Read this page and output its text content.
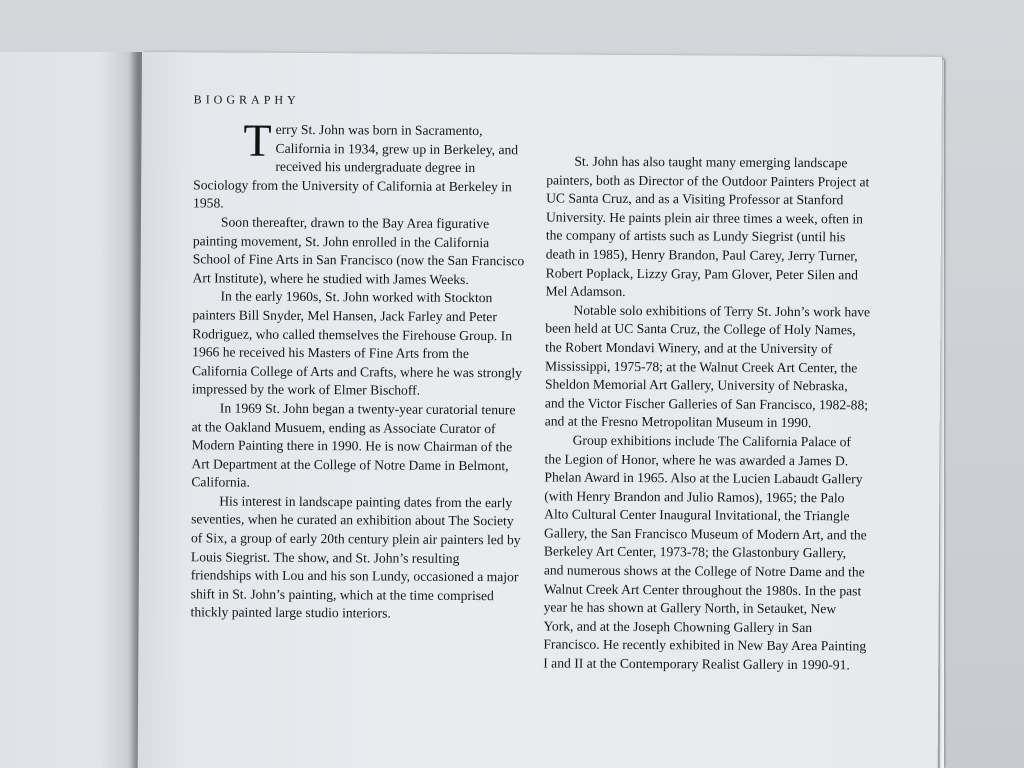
BIOGRAPHY

Terry St. John was born in Sacramento, California in 1934, grew up in Berkeley, and received his undergraduate degree in Sociology from the University of California at Berkeley in 1958.

Soon thereafter, drawn to the Bay Area figurative painting movement, St. John enrolled in the California School of Fine Arts in San Francisco (now the San Francisco Art Institute), where he studied with James Weeks.

In the early 1960s, St. John worked with Stockton painters Bill Snyder, Mel Hansen, Jack Farley and Peter Rodriguez, who called themselves the Firehouse Group. In 1966 he received his Masters of Fine Arts from the California College of Arts and Crafts, where he was strongly impressed by the work of Elmer Bischoff.

In 1969 St. John began a twenty-year curatorial tenure at the Oakland Musuem, ending as Associate Curator of Modern Painting there in 1990. He is now Chairman of the Art Department at the College of Notre Dame in Belmont, California.

His interest in landscape painting dates from the early seventies, when he curated an exhibition about The Society of Six, a group of early 20th century plein air painters led by Louis Siegrist. The show, and St. John’s resulting friendships with Lou and his son Lundy, occasioned a major shift in St. John’s painting, which at the time comprised thickly painted large studio interiors.

St. John has also taught many emerging landscape painters, both as Director of the Outdoor Painters Project at UC Santa Cruz, and as a Visiting Professor at Stanford University. He paints plein air three times a week, often in the company of artists such as Lundy Siegrist (until his death in 1985), Henry Brandon, Paul Carey, Jerry Turner, Robert Poplack, Lizzy Gray, Pam Glover, Peter Silen and Mel Adamson.

Notable solo exhibitions of Terry St. John’s work have been held at UC Santa Cruz, the College of Holy Names, the Robert Mondavi Winery, and at the University of Mississippi, 1975-78; at the Walnut Creek Art Center, the Sheldon Memorial Art Gallery, University of Nebraska, and the Victor Fischer Galleries of San Francisco, 1982-88; and at the Fresno Metropolitan Museum in 1990.

Group exhibitions include The California Palace of the Legion of Honor, where he was awarded a James D. Phelan Award in 1965. Also at the Lucien Labaudt Gallery (with Henry Brandon and Julio Ramos), 1965; the Palo Alto Cultural Center Inaugural Invitational, the Triangle Gallery, the San Francisco Museum of Modern Art, and the Berkeley Art Center, 1973-78; the Glastonbury Gallery, and numerous shows at the College of Notre Dame and the Walnut Creek Art Center throughout the 1980s. In the past year he has shown at Gallery North, in Setauket, New York, and at the Joseph Chowning Gallery in San Francisco. He recently exhibited in New Bay Area Painting I and II at the Contemporary Realist Gallery in 1990-91.
